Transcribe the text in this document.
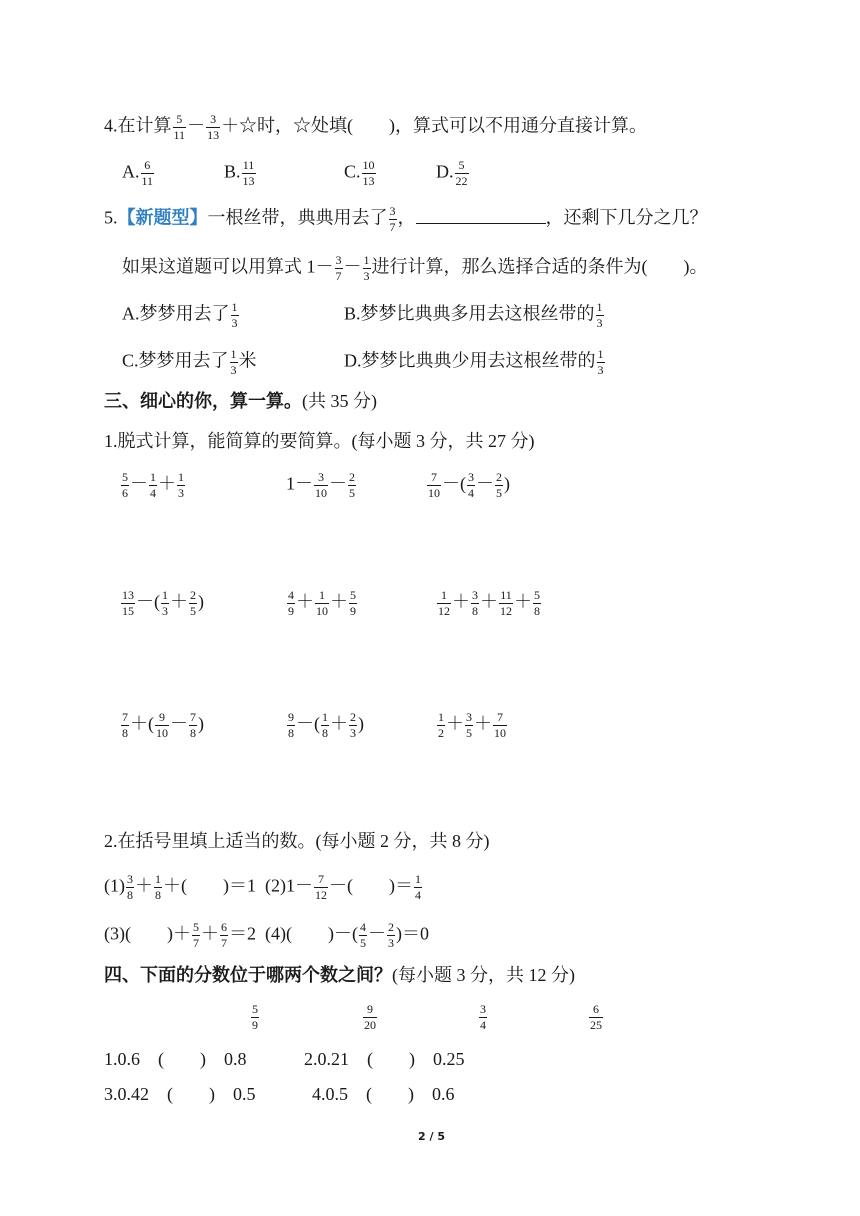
4.在计算 $\frac{5}{11} - \frac{3}{13}$ ＋☆时，☆处填(　　)，算式可以不用通分直接计算。
A. $\frac{6}{11}$	B. $\frac{11}{13}$	C. $\frac{10}{13}$	D. $\frac{5}{22}$
5.【新题型】一根丝带，典典用去了 $\frac{3}{7}$ ，	，还剩下几分之几？
如果这道题可以用算式 $1- \frac{3}{7} - \frac{1}{3}$ 进行计算，那么选择合适的条件为(　　)。
A.梦梦用去了 $\frac{1}{3}$	B.梦梦比典典多用去这根丝带的 $\frac{1}{3}$
C.梦梦用去了 $\frac{1}{3}$ 米	D.梦梦比典典少用去这根丝带的 $\frac{1}{3}$
三、细心的你，算一算。(共 35 分)
1.脱式计算，能简算的要简算。(每小题 3 分，共 27 分)
$\frac{5}{6} - \frac{1}{4} + \frac{1}{3}$	$1- \frac{3}{10} - \frac{2}{5}$	$\frac{7}{10}$ －( $\frac{3}{4} - \frac{2}{5}$ )
$\frac{13}{15}$ －( $\frac{1}{3} + \frac{2}{5}$ )	$\frac{4}{9} + \frac{1}{10} + \frac{5}{9}$	$\frac{1}{12} + \frac{3}{8} + \frac{11}{12} + \frac{5}{8}$
$\frac{7}{8}$ ＋( $\frac{9}{10} - \frac{7}{8}$ )	$\frac{9}{8}$ －( $\frac{1}{8} + \frac{2}{3}$ )	$\frac{1}{2} + \frac{3}{5} + \frac{7}{10}$
2.在括号里填上适当的数。(每小题 2 分，共 8 分)
$(1) \frac{3}{8} + \frac{1}{8}$ ＋(　　)＝1 $(2)1- \frac{7}{12}$ －(　　)＝ $\frac{1}{4}$
(3)(　　)＋ $\frac{5}{7} + \frac{6}{7} =2$ (4)(　　)－( $\frac{4}{5} - \frac{2}{3} )=0$
四、下面的分数位于哪两个数之间？(每小题 3 分，共 12 分)
$\frac{5}{9}$	$\frac{9}{20}$	$\frac{3}{4}$	$\frac{6}{25}$
1.0.6　(　　)　0.8	2.0.21　(　　)　0.25
3.0.42　(　　)　0.5	4.0.5　(　　)　0.6
2 / 5
